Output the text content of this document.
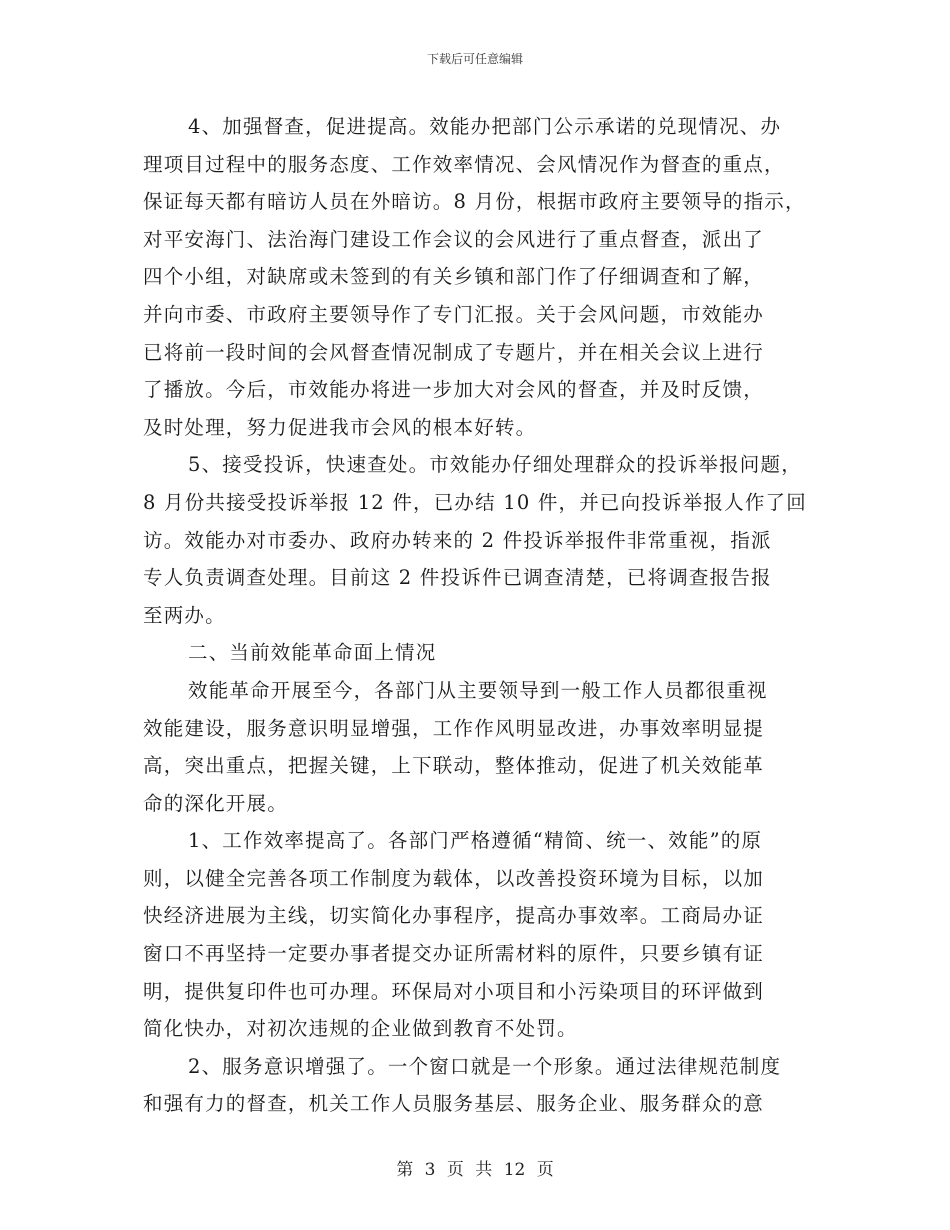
下载后可任意编辑
4、加强督查，促进提高。效能办把部门公示承诺的兑现情况、办
理项目过程中的服务态度、工作效率情况、会风情况作为督查的重点，
保证每天都有暗访人员在外暗访。8 月份，根据市政府主要领导的指示，
对平安海门、法治海门建设工作会议的会风进行了重点督查，派出了
四个小组，对缺席或未签到的有关乡镇和部门作了仔细调查和了解，
并向市委、市政府主要领导作了专门汇报。关于会风问题，市效能办
已将前一段时间的会风督查情况制成了专题片，并在相关会议上进行
了播放。今后，市效能办将进一步加大对会风的督查，并及时反馈，
及时处理，努力促进我市会风的根本好转。
5、接受投诉，快速查处。市效能办仔细处理群众的投诉举报问题，
8 月份共接受投诉举报 12 件，已办结 10 件，并已向投诉举报人作了回
访。效能办对市委办、政府办转来的 2 件投诉举报件非常重视，指派
专人负责调查处理。目前这 2 件投诉件已调查清楚，已将调查报告报
至两办。
二、当前效能革命面上情况
效能革命开展至今，各部门从主要领导到一般工作人员都很重视
效能建设，服务意识明显增强，工作作风明显改进，办事效率明显提
高，突出重点，把握关键，上下联动，整体推动，促进了机关效能革
命的深化开展。
1、工作效率提高了。各部门严格遵循“精简、统一、效能”的原
则，以健全完善各项工作制度为载体，以改善投资环境为目标，以加
快经济进展为主线，切实简化办事程序，提高办事效率。工商局办证
窗口不再坚持一定要办事者提交办证所需材料的原件，只要乡镇有证
明，提供复印件也可办理。环保局对小项目和小污染项目的环评做到
简化快办，对初次违规的企业做到教育不处罚。
2、服务意识增强了。一个窗口就是一个形象。通过法律规范制度
和强有力的督查，机关工作人员服务基层、服务企业、服务群众的意
第 3 页 共 12 页
